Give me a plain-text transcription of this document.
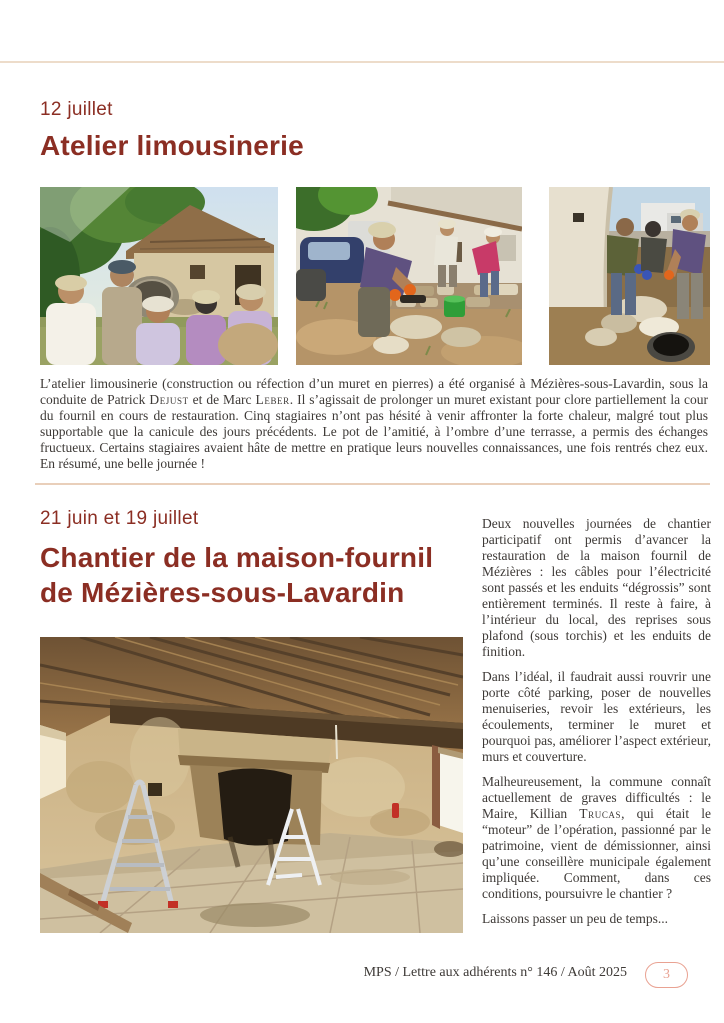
12 juillet
Atelier limousinerie

L’atelier limousinerie (construction ou réfection d’un muret en pierres) a été organisé à Mézières-sous-Lavardin, sous la conduite de Patrick Dejust et de Marc Leber. Il s’agissait de prolonger un muret existant pour clore partiellement la cour du fournil en cours de restauration. Cinq stagiaires n’ont pas hésité à venir affronter la forte chaleur, malgré tout plus supportable que la canicule des jours précédents. Le pot de l’amitié, à l’ombre d’une terrasse, a permis des échanges fructueux. Certains stagiaires avaient hâte de mettre en pratique leurs nouvelles connaissances, une fois rentrés chez eux. En résumé, une belle journée !

21 juin et 19 juillet
Chantier de la maison-fournil
de Mézières-sous-Lavardin

Deux nouvelles journées de chantier participatif ont permis d’avancer la restauration de la maison fournil de Mézières : les câbles pour l’électricité sont passés et les enduits “dégrossis” sont entièrement terminés. Il reste à faire, à l’intérieur du local, des reprises sous plafond (sous torchis) et les enduits de finition.

Dans l’idéal, il faudrait aussi rouvrir une porte côté parking, poser de nouvelles menuiseries, revoir les extérieurs, les écoulements, terminer le muret et pourquoi pas, améliorer l’aspect extérieur, murs et couverture.

Malheureusement, la commune connaît actuellement de graves difficultés : le Maire, Killian Trucas, qui était le “moteur” de l’opération, passionné par le patrimoine, vient de démissionner, ainsi qu’une conseillère municipale également impliquée. Comment, dans ces conditions, poursuivre le chantier ?

Laissons passer un peu de temps...

MPS / Lettre aux adhérents n° 146 / Août 2025	3
